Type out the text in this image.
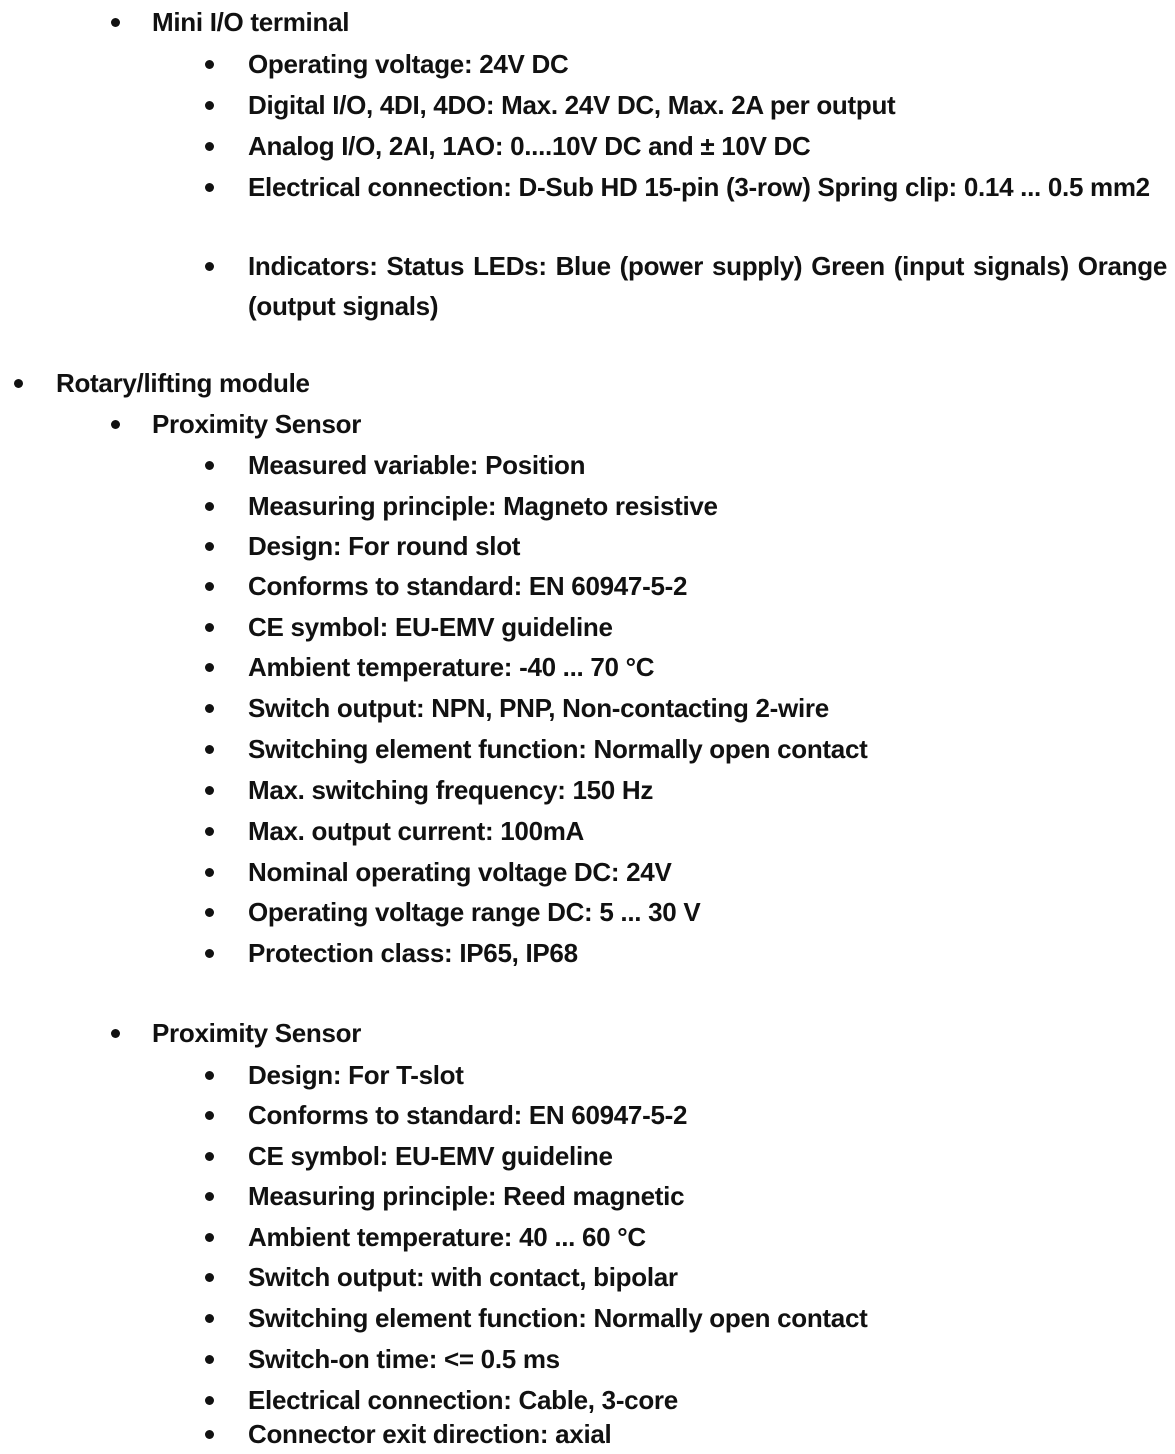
Mini I/O terminal
Operating voltage: 24V DC
Digital I/O, 4DI, 4DO: Max. 24V DC, Max. 2A per output
Analog I/O, 2AI, 1AO: 0....10V DC and ± 10V DC
Electrical connection: D-Sub HD 15-pin (3-row) Spring clip: 0.14 ... 0.5 mm2
Indicators: Status LEDs: Blue (power supply) Green (input signals) Orange (output signals)
Rotary/lifting module
Proximity Sensor
Measured variable: Position
Measuring principle: Magneto resistive
Design: For round slot
Conforms to standard: EN 60947-5-2
CE symbol: EU-EMV guideline
Ambient temperature: -40 ... 70 °C
Switch output: NPN, PNP, Non-contacting 2-wire
Switching element function: Normally open contact
Max. switching frequency: 150 Hz
Max. output current: 100mA
Nominal operating voltage DC: 24V
Operating voltage range DC: 5 ... 30 V
Protection class: IP65, IP68
Proximity Sensor
Design: For T-slot
Conforms to standard: EN 60947-5-2
CE symbol: EU-EMV guideline
Measuring principle: Reed magnetic
Ambient temperature: 40 ... 60 °C
Switch output: with contact, bipolar
Switching element function: Normally open contact
Switch-on time: <= 0.5 ms
Electrical connection: Cable, 3-core
Connector exit direction: axial
